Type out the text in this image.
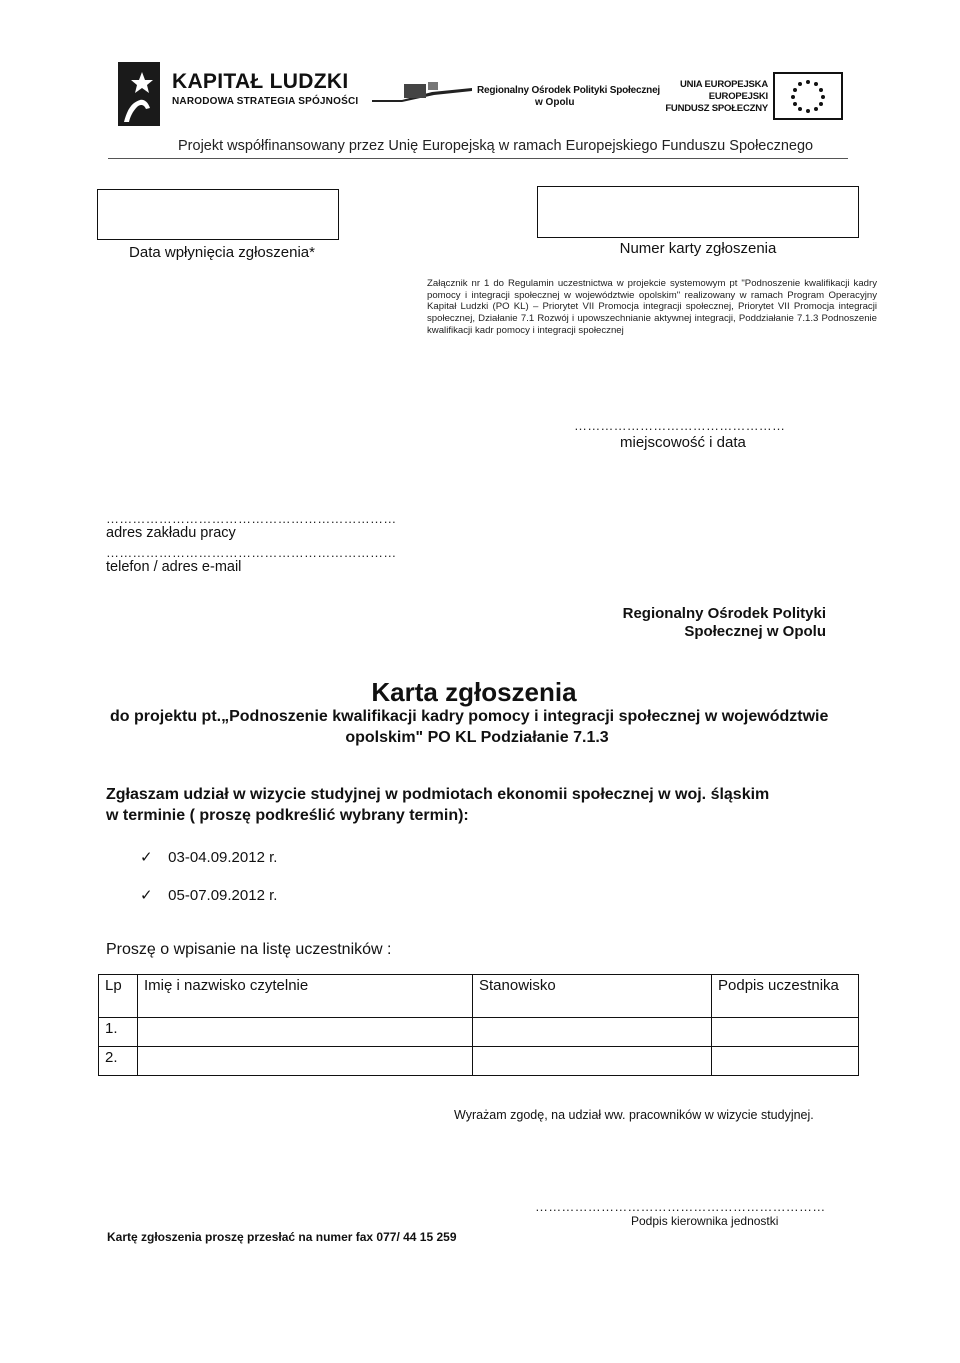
KAPITAŁ LUDZKI
NARODOWA STRATEGIA SPÓJNOŚCI
Regionalny Ośrodek Polityki Społecznej
w Opolu
UNIA EUROPEJSKA
EUROPEJSKI
FUNDUSZ SPOŁECZNY
Projekt współfinansowany przez Unię Europejską w ramach Europejskiego Funduszu Społecznego
Data wpłynięcia zgłoszenia*	Numer karty zgłoszenia
Załącznik nr 1 do Regulamin uczestnictwa w projekcie systemowym pt "Podnoszenie kwalifikacji kadry pomocy i integracji społecznej w województwie opolskim" realizowany w ramach Program Operacyjny Kapitał Ludzki (PO KL) – Priorytet VII Promocja integracji społecznej, Priorytet VII Promocja integracji społecznej, Działanie 7.1 Rozwój i upowszechnianie aktywnej integracji, Poddziałanie 7.1.3 Podnoszenie kwalifikacji kadr pomocy i integracji społecznej
…………………………………………
miejscowość i data
…………………………………………………………
adres zakładu pracy
…………………………………………………………
telefon / adres e-mail
Regionalny Ośrodek Polityki
Społecznej w Opolu
Karta zgłoszenia
do projektu pt.„Podnoszenie kwalifikacji kadry pomocy i integracji społecznej w województwie
opolskim" PO KL Podziałanie 7.1.3
Zgłaszam udział w wizycie studyjnej w podmiotach ekonomii społecznej w woj. śląskim
w terminie ( proszę podkreślić wybrany termin):
✓ 03-04.09.2012 r.
✓ 05-07.09.2012 r.
Proszę o wpisanie na listę uczestników :
Lp	Imię i nazwisko czytelnie	Stanowisko	Podpis uczestnika
1.			
2.			
Wyrażam zgodę, na udział ww. pracowników w wizycie studyjnej.
…………………………………………………………
Podpis kierownika jednostki
Kartę zgłoszenia proszę przesłać na numer fax 077/ 44 15 259
